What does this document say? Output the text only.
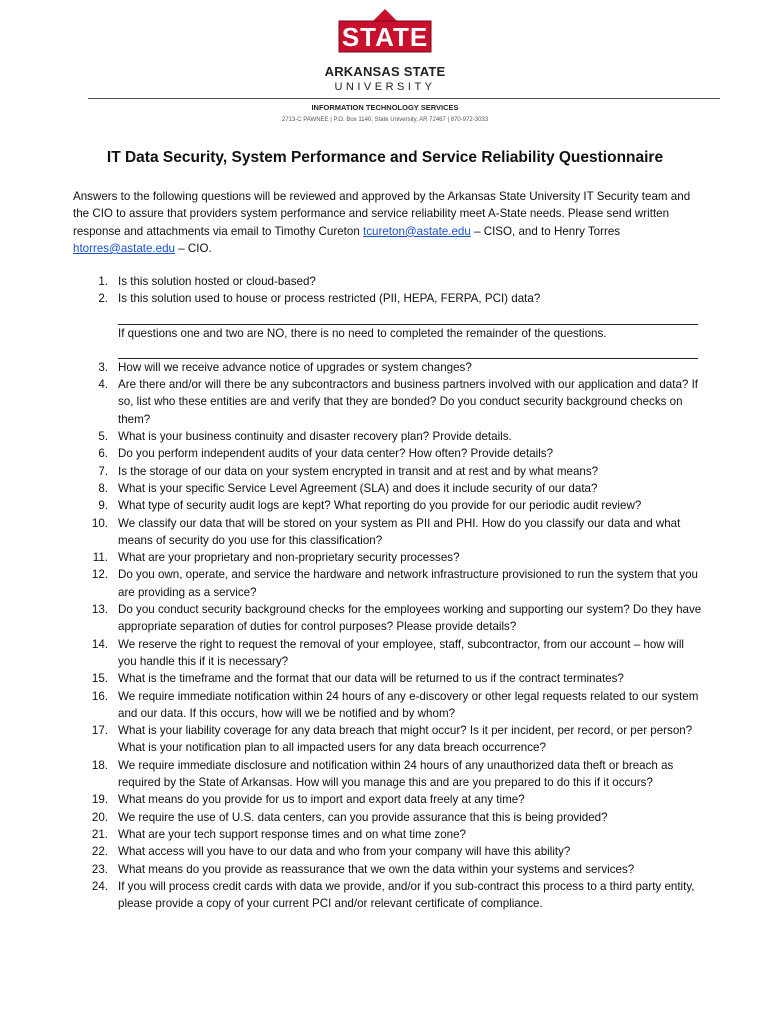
STATE
ARKANSAS STATE
UNIVERSITY
INFORMATION TECHNOLOGY SERVICES
2713-C PAWNEE | P.O. Box 1140, State University, AR 72467 | 870-972-3033
IT Data Security, System Performance and Service Reliability Questionnaire

Answers to the following questions will be reviewed and approved by the Arkansas State University IT Security team and the CIO to assure that providers system performance and service reliability meet A-State needs. Please send written response and attachments via email to Timothy Cureton tcureton@astate.edu – CISO, and to Henry Torres htorres@astate.edu – CIO.

1. Is this solution hosted or cloud-based?
2. Is this solution used to house or process restricted (PII, HEPA, FERPA, PCI) data?
If questions one and two are NO, there is no need to completed the remainder of the questions.
3. How will we receive advance notice of upgrades or system changes?
4. Are there and/or will there be any subcontractors and business partners involved with our application and data? If so, list who these entities are and verify that they are bonded? Do you conduct security background checks on them?
5. What is your business continuity and disaster recovery plan? Provide details.
6. Do you perform independent audits of your data center? How often? Provide details?
7. Is the storage of our data on your system encrypted in transit and at rest and by what means?
8. What is your specific Service Level Agreement (SLA) and does it include security of our data?
9. What type of security audit logs are kept? What reporting do you provide for our periodic audit review?
10. We classify our data that will be stored on your system as PII and PHI. How do you classify our data and what means of security do you use for this classification?
11. What are your proprietary and non-proprietary security processes?
12. Do you own, operate, and service the hardware and network infrastructure provisioned to run the system that you are providing as a service?
13. Do you conduct security background checks for the employees working and supporting our system? Do they have appropriate separation of duties for control purposes? Please provide details?
14. We reserve the right to request the removal of your employee, staff, subcontractor, from our account – how will you handle this if it is necessary?
15. What is the timeframe and the format that our data will be returned to us if the contract terminates?
16. We require immediate notification within 24 hours of any e-discovery or other legal requests related to our system and our data. If this occurs, how will we be notified and by whom?
17. What is your liability coverage for any data breach that might occur? Is it per incident, per record, or per person? What is your notification plan to all impacted users for any data breach occurrence?
18. We require immediate disclosure and notification within 24 hours of any unauthorized data theft or breach as required by the State of Arkansas. How will you manage this and are you prepared to do this if it occurs?
19. What means do you provide for us to import and export data freely at any time?
20. We require the use of U.S. data centers, can you provide assurance that this is being provided?
21. What are your tech support response times and on what time zone?
22. What access will you have to our data and who from your company will have this ability?
23. What means do you provide as reassurance that we own the data within your systems and services?
24. If you will process credit cards with data we provide, and/or if you sub-contract this process to a third party entity, please provide a copy of your current PCI and/or relevant certificate of compliance.
